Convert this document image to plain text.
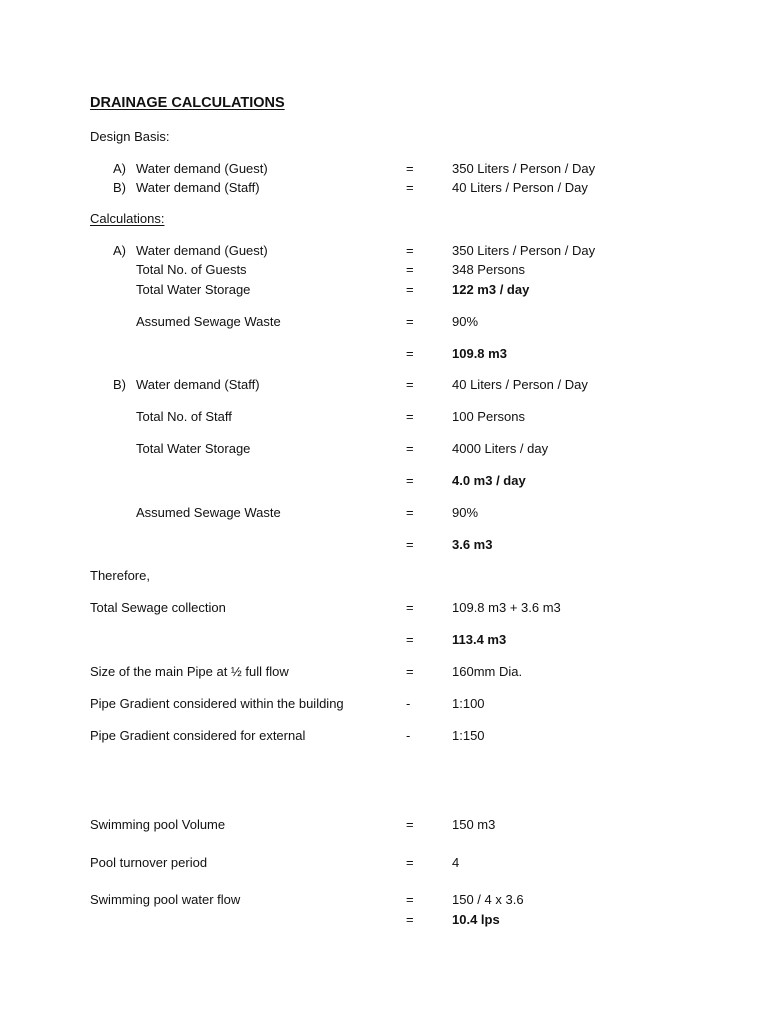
DRAINAGE CALCULATIONS
Design Basis:
A) Water demand (Guest)	=	350 Liters / Person / Day
B) Water demand (Staff)	=	40 Liters / Person / Day
Calculations:
A) Water demand (Guest)	=	350 Liters / Person / Day
Total No. of Guests	=	348 Persons
Total Water Storage	=	122 m3 / day
Assumed Sewage Waste	=	90%
=	109.8 m3
B) Water demand (Staff)	=	40 Liters / Person / Day
Total No. of Staff	=	100 Persons
Total Water Storage	=	4000 Liters / day
=	4.0 m3 / day
Assumed Sewage Waste	=	90%
=	3.6 m3
Therefore,
Total Sewage collection	=	109.8 m3 + 3.6 m3
=	113.4 m3
Size of the main Pipe at ½ full flow	=	160mm Dia.
Pipe Gradient considered within the building	-	1:100
Pipe Gradient considered for external	-	1:150
Swimming pool Volume	=	150 m3
Pool turnover period	=	4
Swimming pool water flow	=	150 / 4 x 3.6
=	10.4 lps
